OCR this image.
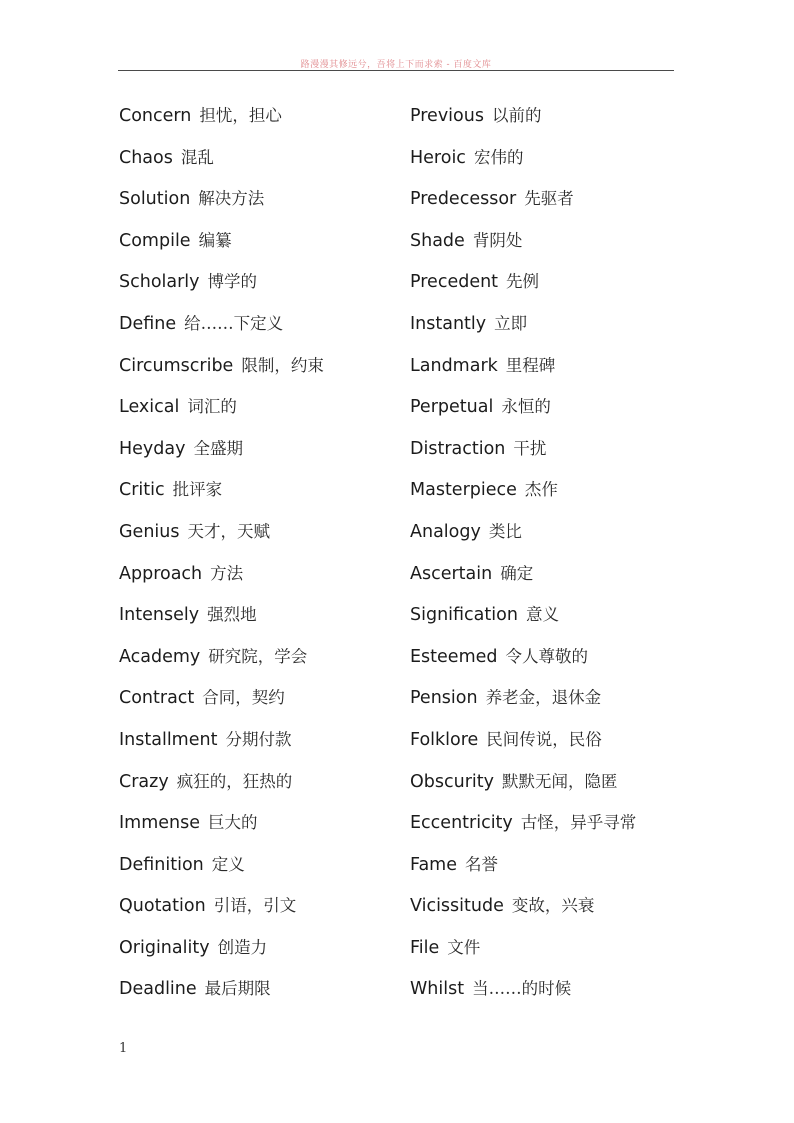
路漫漫其修远兮，吾将上下而求索 - 百度文库
Concern 担忧，担心
Chaos 混乱
Solution 解决方法
Compile 编纂
Scholarly 博学的
Define 给……下定义
Circumscribe 限制，约束
Lexical 词汇的
Heyday 全盛期
Critic 批评家
Genius 天才，天赋
Approach 方法
Intensely 强烈地
Academy 研究院，学会
Contract 合同，契约
Installment 分期付款
Crazy 疯狂的，狂热的
Immense 巨大的
Definition 定义
Quotation 引语，引文
Originality 创造力
Deadline 最后期限
Previous 以前的
Heroic 宏伟的
Predecessor 先驱者
Shade 背阴处
Precedent 先例
Instantly 立即
Landmark 里程碑
Perpetual 永恒的
Distraction 干扰
Masterpiece 杰作
Analogy 类比
Ascertain 确定
Signification 意义
Esteemed 令人尊敬的
Pension 养老金，退休金
Folklore 民间传说，民俗
Obscurity 默默无闻，隐匿
Eccentricity 古怪，异乎寻常
Fame 名誉
Vicissitude 变故，兴衰
File 文件
Whilst 当……的时候
1
